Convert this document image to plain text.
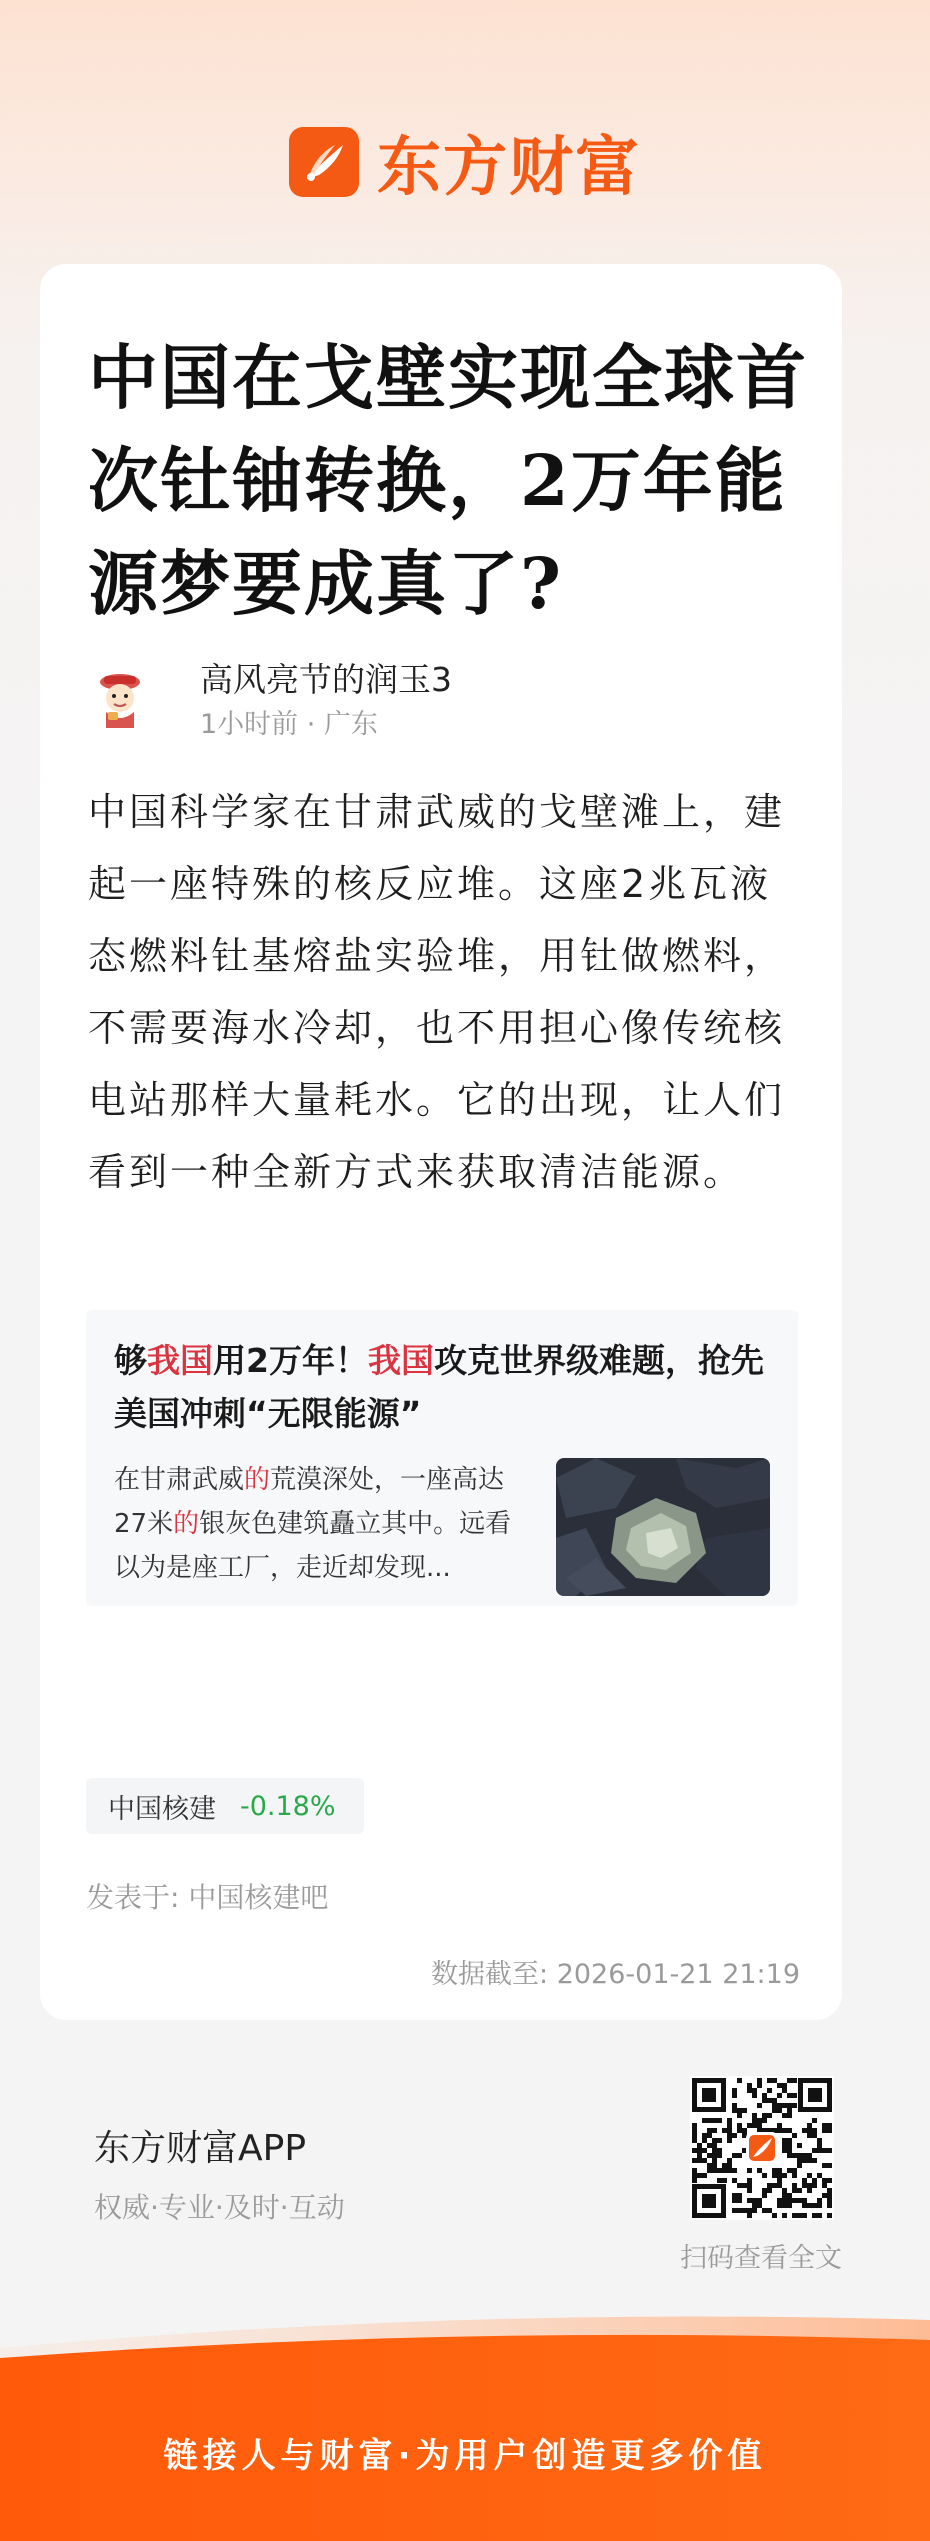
东方财富
中国在戈壁实现全球首次钍铀转换，2万年能源梦要成真了?
高风亮节的润玉3
1小时前 · 广东

中国科学家在甘肃武威的戈壁滩上，建起一座特殊的核反应堆。这座2兆瓦液态燃料钍基熔盐实验堆，用钍做燃料，不需要海水冷却，也不用担心像传统核电站那样大量耗水。它的出现，让人们看到一种全新方式来获取清洁能源。

够我国用2万年！我国攻克世界级难题，抢先美国冲刺“无限能源”
在甘肃武威的荒漠深处，一座高达27米的银灰色建筑矗立其中。远看以为是座工厂，走近却发现...
中国核建 -0.18%
发表于: 中国核建吧
数据截至: 2026-01-21 21:19
东方财富APP
权威·专业·及时·互动
扫码查看全文
链接人与财富·为用户创造更多价值
